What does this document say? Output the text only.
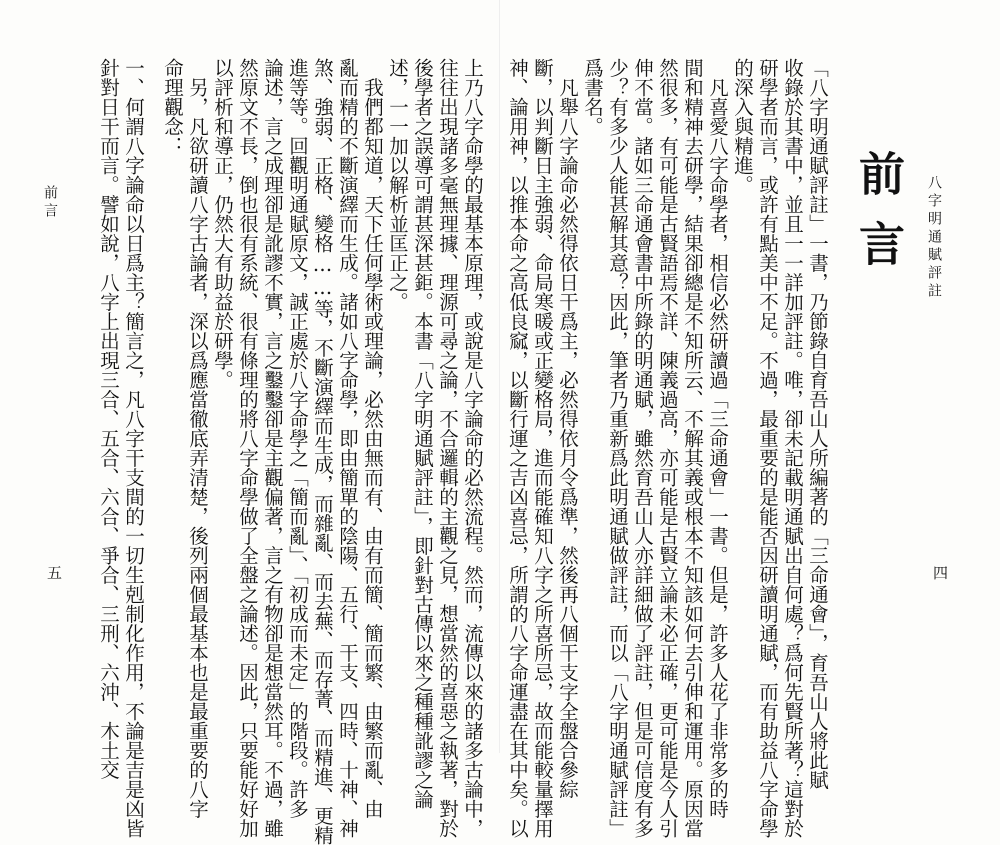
八字明通賦評註
四
前言
「八字明通賦評註」一書，乃節錄自育吾山人所編著的「三命通會」，育吾山人將此賦
收錄於其書中，並且一一詳加評註。唯，卻未記載明通賦出自何處？爲何先賢所著？這對於
研學者而言，或許有點美中不足。不過，最重要的是能否因研讀明通賦，而有助益八字命學
的深入與精進。
　凡喜愛八字命學者，相信必然研讀過「三命通會」一書。但是，許多人花了非常多的時
間和精神去研學，結果卻總是不知所云、不解其義或根本不知該如何去引伸和運用。原因當
然很多，有可能是古賢語焉不詳、陳義過高，亦可能是古賢立論未必正確，更可能是今人引
伸不當。諸如三命通會書中所錄的明通賦，雖然育吾山人亦詳細做了評註，但是可信度有多
少？有多少人能甚解其意？因此，筆者乃重新爲此明通賦做評註，而以「八字明通賦評註」
爲書名。
　凡舉八字論命必然得依日干爲主，必然得依月令爲準，然後再八個干支字全盤合參綜
斷，以判斷日主強弱、命局寒暖或正變格局，進而能確知八字之所喜所忌，故而能較量擇用
神、論用神，以推本命之高低良窳，以斷行運之吉凶喜忌，所謂的八字命運盡在其中矣。以
上乃八字命學的最基本原理，或說是八字論命的必然流程。然而，流傳以來的諸多古論中，
往往出現諸多毫無理據、理源可尋之論，不合邏輯的主觀之見，想當然的喜惡之執著，對於
後學者之誤導可謂甚深甚鉅。本書「八字明通賦評註」，即針對古傳以來之種種訛謬之論
述，一一加以解析並匡正之。
　我們都知道，天下任何學術或理論，必然由無而有、由有而簡、簡而繁、由繁而亂、由
亂而精的不斷演繹而生成。諸如八字命學，即由簡單的陰陽、五行、干支、四時、十神、神
煞、強弱、正格、變格……等，不斷演繹而生成，而雜亂、而去蕪、而存菁、而精進、更精
進等等。回觀明通賦原文，誠正處於八字命學之「簡而亂」、「初成而未定」的階段。許多
論述，言之成理卻是訛謬不實，言之鑿鑿卻是主觀偏著，言之有物卻是想當然耳。不過，雖
然原文不長，倒也很有系統、很有條理的將八字命學做了全盤之論述。因此，只要能好好加
以評析和導正，仍然大有助益於研學。
　另，凡欲研讀八字古論者，深以爲應當徹底弄清楚，後列兩個最基本也是最重要的八字
命理觀念：
一、何謂八字論命以日爲主？簡言之，凡八字干支間的一切生剋制化作用，不論是吉是凶皆
針對日干而言。譬如說，八字上出現三合、五合、六合、爭合、三刑、六沖、木土交
前言
五
